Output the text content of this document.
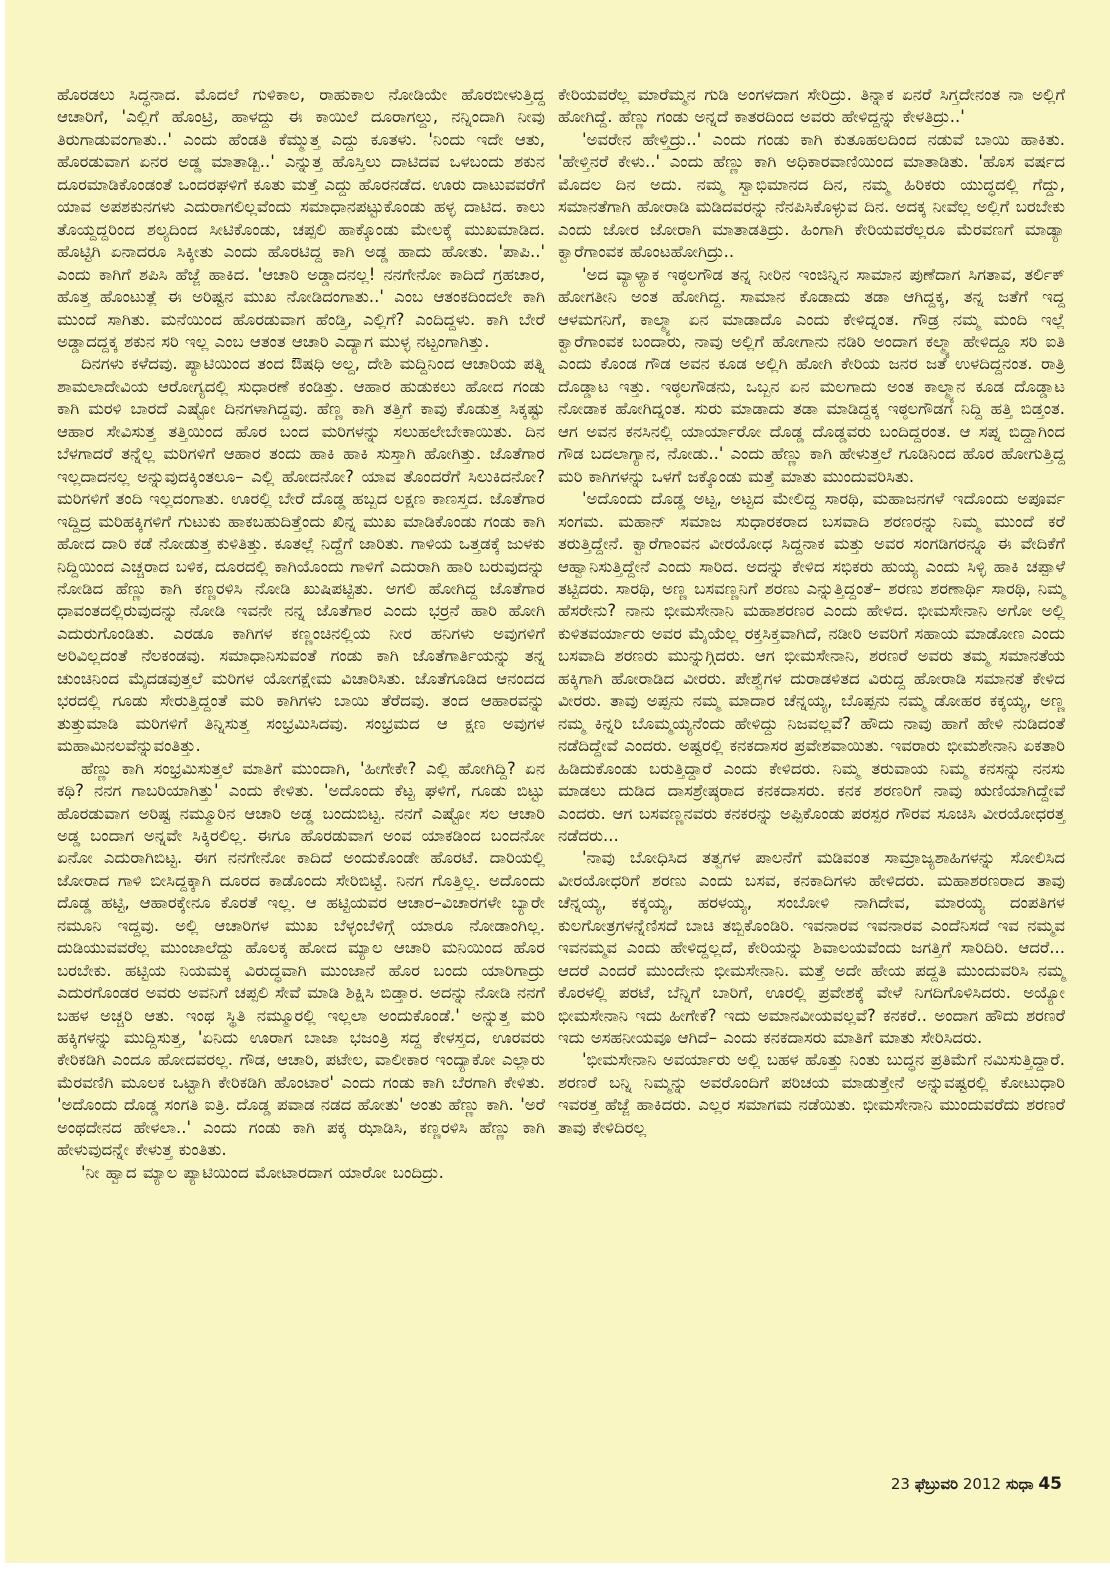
ಹೊರಡಲು ಸಿದ್ಧನಾದ. ಮೊದಲೆ ಗುಳಿಕಾಲ, ರಾಹುಕಾಲ ನೋಡಿಯೇ ಹೊರಬೀಳುತ್ತಿದ್ದ ಆಚಾರಿಗೆ, 'ಎಲ್ಲಿಗೆ ಹೊಂಟ್ರಿ, ಹಾಳದ್ದು ಈ ಕಾಯಿಲೆ ದೂರಾಗಲ್ದು, ನನ್ನಿಂದಾಗಿ ನೀವು ತಿರುಗಾಡುವಂಗಾತು..' ಎಂದು ಹೆಂಡತಿ ಕೆಮ್ಮುತ್ತ ಎದ್ದು ಕೂತಳು. 'ನಿಂದು ಇದೇ ಆತು, ಹೊರಡುವಾಗ ಏನರ ಅಡ್ಡ ಮಾತಾಡ್ಬಿ..' ಎನ್ನುತ್ತ ಹೊಸ್ತಿಲು ದಾಟಿದವ ಒಳಬಂದು ಶಕುನ ದೂರಮಾಡಿಕೊಂಡಂತೆ ಒಂದರಘಳಿಗೆ ಕೂತು ಮತ್ತೆ ಎದ್ದು ಹೊರನಡೆದ. ಊರು ದಾಟುವವರೆಗೆ ಯಾವ ಅಪಶಕುನಗಳು ಎದುರಾಗಲಿಲ್ಲವೆಂದು ಸಮಾಧಾನಪಟ್ಟುಕೊಂಡು ಹಳ್ಳ ದಾಟಿದ. ಕಾಲು ತೊಯ್ದದ್ದರಿಂದ ಶಲ್ಯದಿಂದ ಸೀಟಿಕೊಂಡು, ಚಪ್ಪಲಿ ಹಾಕ್ಕೊಂಡು ಮೇಲಕ್ಕೆ ಮುಖಮಾಡಿದ. ಹೊಟ್ಟಿಗಿ ಏನಾದರೂ ಸಿಕ್ಕೀತು ಎಂದು ಹೊರಟಿದ್ದ ಕಾಗಿ ಅಡ್ಡ ಹಾದು ಹೋತು. 'ಪಾಪಿ..' ಎಂದು ಕಾಗಿಗೆ ಶಪಿಸಿ ಹೆಜ್ಜೆ ಹಾಕಿದ. 'ಆಚಾರಿ ಅಡ್ಡಾದನಲ್ಲ! ನನಗೇನೋ ಕಾದಿದೆ ಗ್ರಹಚಾರ, ಹೊತ್ತ ಹೊಂಟುತ್ಲೆ ಈ ಅರಿಷ್ಟನ ಮುಖ ನೋಡಿದಂಗಾತು..' ಎಂಬ ಆತಂಕದಿಂದಲೇ ಕಾಗಿ ಮುಂದೆ ಸಾಗಿತು. ಮನೆಯಿಂದ ಹೊರಡುವಾಗ ಹೆಂಡ್ತಿ, ಎಲ್ಲಿಗೆ? ಎಂದಿದ್ದಳು. ಕಾಗಿ ಬೇರೆ ಅಡ್ಡಾದದ್ದಕ್ಕ ಶಕುನ ಸರಿ ಇಲ್ಲ ಎಂಬ ಆತಂತ ಆಚಾರಿ ಎದ್ಯಾಗ ಮುಳ್ಳ ನಟ್ಟಂಗಾಗಿತ್ತು.

ದಿನಗಳು ಕಳೆದವು. ಪ್ಯಾಟಿಯಿಂದ ತಂದ ಔಷಧಿ ಅಲ್ದ, ದೇಶಿ ಮದ್ದಿನಿಂದ ಆಚಾರಿಯ ಪತ್ನಿ ಶಾಮಲಾದೇವಿಯ ಆರೋಗ್ಯದಲ್ಲಿ ಸುಧಾರಣೆ ಕಂಡಿತ್ತು. ಆಹಾರ ಹುಡುಕಲು ಹೋದ ಗಂಡು ಕಾಗಿ ಮರಳಿ ಬಾರದೆ ಎಷ್ಟೋ ದಿನಗಳಾಗಿದ್ದವು. ಹೆಣ್ಣ ಕಾಗಿ ತತ್ತಿಗೆ ಕಾವು ಕೊಡುತ್ತ ಸಿಕ್ಕಷ್ಟು ಆಹಾರ ಸೇವಿಸುತ್ತ ತತ್ತಿಯಿಂದ ಹೊರ ಬಂದ ಮರಿಗಳನ್ನು ಸಲುಹಲೇಬೇಕಾಯಿತು. ದಿನ ಬೆಳಗಾದರೆ ತನ್ನೆಲ್ಲ ಮರಿಗಳಿಗೆ ಆಹಾರ ತಂದು ಹಾಕಿ ಹಾಕಿ ಸುಸ್ತಾಗಿ ಹೋಗಿತ್ತು. ಜೊತೆಗಾರ ಇಲ್ಲದಾದನಲ್ಲ ಅನ್ನುವುದಕ್ಕಿಂತಲೂ– ಎಲ್ಲಿ ಹೋದನೋ? ಯಾವ ತೊಂದರೆಗೆ ಸಿಲುಕಿದನೋ? ಮರಿಗಳಿಗೆ ತಂದಿ ಇಲ್ಲದಂಗಾತು. ಊರಲ್ಲಿ ಬೇರೆ ದೊಡ್ಡ ಹಬ್ಬದ ಲಕ್ಷಣ ಕಾಣಸ್ತದ. ಜೊತೆಗಾರ ಇದ್ದಿದ್ರ ಮರಿಹಕ್ಕಿಗಳಿಗೆ ಗುಟುಕು ಹಾಕಬಹುದಿತ್ತೆಂದು ಖಿನ್ನ ಮುಖ ಮಾಡಿಕೊಂಡು ಗಂಡು ಕಾಗಿ ಹೋದ ದಾರಿ ಕಡೆ ನೋಡುತ್ತ ಕುಳಿತಿತ್ತು. ಕೂತಲ್ಲೆ ನಿದ್ದೆಗೆ ಜಾರಿತು. ಗಾಳಿಯ ಒತ್ತಡಕ್ಕೆ ಜುಳಕು ನಿದ್ದಿಯಿಂದ ಎಚ್ಚರಾದ ಬಳಿಕ, ದೂರದಲ್ಲಿ ಕಾಗಿಯೊಂದು ಗಾಳಿಗೆ ಎದುರಾಗಿ ಹಾರಿ ಬರುವುದನ್ನು ನೋಡಿದ ಹೆಣ್ಣು ಕಾಗಿ ಕಣ್ಣರಳಿಸಿ ನೋಡಿ ಖುಷಿಪಟ್ಟಿತು. ಅಗಲಿ ಹೋಗಿದ್ದ ಜೊತೆಗಾರ ಧಾವಂತದಲ್ಲಿರುವುದನ್ನು ನೋಡಿ ಇವನೇ ನನ್ನ ಜೊತೆಗಾರ ಎಂದು ಭರ್ರನೆ ಹಾರಿ ಹೋಗಿ ಎದುರುಗೊಂಡಿತು. ಎರಡೂ ಕಾಗಿಗಳ ಕಣ್ಣಂಚಿನಲ್ಲಿಯ ನೀರ ಹನಿಗಳು ಅವುಗಳಿಗೆ ಅರಿವಿಲ್ಲದಂತೆ ನೆಲಕಂಡವು. ಸಮಾಧಾನಿಸುವಂತೆ ಗಂಡು ಕಾಗಿ ಜೊತೆಗಾರ್ತಿಯನ್ನು ತನ್ನ ಚುಂಚಿನಿಂದ ಮೈದಡವುತ್ತಲೆ ಮರಿಗಳ ಯೋಗಕ್ಷೇಮ ವಿಚಾರಿಸಿತು. ಜೊತೆಗೂಡಿದ ಆನಂದದ ಭರದಲ್ಲಿ ಗೂಡು ಸೇರುತ್ತಿದ್ದಂತೆ ಮರಿ ಕಾಗಿಗಳು ಬಾಯಿ ತೆರೆದವು. ತಂದ ಆಹಾರವನ್ನು ತುತ್ತುಮಾಡಿ ಮರಿಗಳಿಗೆ ತಿನ್ನಿಸುತ್ತ ಸಂಭ್ರಮಿಸಿದವು. ಸಂಭ್ರಮದ ಆ ಕ್ಷಣ ಅವುಗಳ ಮಹಾಮಿನಲವೆನ್ನುವಂತಿತ್ತು.

ಹೆಣ್ಣು ಕಾಗಿ ಸಂಭ್ರಮಿಸುತ್ತಲೆ ಮಾತಿಗೆ ಮುಂದಾಗಿ, 'ಹೀಗೇಕೇ? ಎಲ್ಲಿ ಹೋಗಿದ್ದಿ? ಏನ ಕಥಿ? ನನಗ ಗಾಬರಿಯಾಗಿತ್ತು' ಎಂದು ಕೇಳಿತು. 'ಅದೊಂದು ಕೆಟ್ಟ ಘಳಿಗೆ, ಗೂಡು ಬಿಟ್ಟು ಹೊರಡುವಾಗ ಅರಿಷ್ಟ ನಮ್ಮೂರಿನ ಆಚಾರಿ ಅಡ್ಡ ಬಂದುಬಿಟ್ಟ. ನನಗೆ ಎಷ್ಟೋ ಸಲ ಆಚಾರಿ ಅಡ್ಡ ಬಂದಾಗ ಅನ್ನವೇ ಸಿಕ್ಕಿರಲಿಲ್ಲ. ಈಗೂ ಹೊರಡುವಾಗ ಅಂವ ಯಾಕಡಿಂದ ಬಂದನೋ ಏನೋ ಎದುರಾಗಿಬಿಟ್ಟ. ಈಗ ನನಗೇನೋ ಕಾದಿದೆ ಅಂದುಕೊಂಡೇ ಹೊರಟೆ. ದಾರಿಯಲ್ಲಿ ಜೋರಾದ ಗಾಳಿ ಬೀಸಿದ್ದಕ್ಕಾಗಿ ದೂರದ ಕಾಡೊಂದು ಸೇರಿಬಿಟ್ಟೆ. ನಿನಗ ಗೊತ್ತಿಲ್ಲ. ಅದೊಂದು ದೊಡ್ಡ ಹಟ್ಟಿ, ಆಹಾರಕ್ಕೇನೂ ಕೊರತೆ ಇಲ್ಲ. ಆ ಹಟ್ಟಿಯವರ ಆಚಾರ–ವಿಚಾರಗಳೇ ಬ್ಯಾರೇ ನಮೂನಿ ಇದ್ದವು. ಅಲ್ಲಿ ಆಚಾರಿಗಳ ಮುಖ ಬೆಳ್ಳಂಬೆಳಿಗ್ಗೆ ಯಾರೂ ನೋಡಾಂಗಿಲ್ಲ. ದುಡಿಯುವವರೆಲ್ಲ ಮುಂಜಾಲೆದ್ದು ಹೊಲಕ್ಕ ಹೋದ ಮ್ಯಾಲ ಆಚಾರಿ ಮನಿಯಿಂದ ಹೊರ ಬರಬೇಕು. ಹಟ್ಟಿಯ ನಿಯಮಕ್ಕ ವಿರುದ್ಧವಾಗಿ ಮುಂಜಾನೆ ಹೊರ ಬಂದು ಯಾರಿಗಾದ್ರು ಎದುರಗೊಂಡರ ಅವರು ಅವನಿಗೆ ಚಪ್ಪಲಿ ಸೇವೆ ಮಾಡಿ ಶಿಕ್ಷಿಸಿ ಬಿಡ್ತಾರ. ಅದನ್ನು ನೋಡಿ ನನಗೆ ಬಹಳ ಅಚ್ಚರಿ ಆತು. ಇಂಥ ಸ್ಥಿತಿ ನಮ್ಮೂರಲ್ಲಿ ಇಲ್ಲಲಾ ಅಂದುಕೊಂಡೆ.' ಅನ್ನುತ್ತ ಮರಿ ಹಕ್ಕಿಗಳನ್ನು ಮುದ್ದಿಸುತ್ತ, 'ಏನಿದು ಊರಾಗ ಬಾಜಾ ಭಜಂತ್ರಿ ಸದ್ದ ಕೇಳಸ್ತದ, ಊರವರು ಕೇರಿಕಡಿಗಿ ಎಂದೂ ಹೋದವರಲ್ಲ. ಗೌಡ, ಆಚಾರಿ, ಪಟೇಲ, ವಾಲೀಕಾರ ಇಂದ್ಯಾಕೋ ಎಲ್ಲಾರು ಮೆರವಣಿಗಿ ಮೂಲಕ ಒಟ್ಟಾಗಿ ಕೇರಿಕಡಿಗಿ ಹೊಂಟಾರ' ಎಂದು ಗಂಡು ಕಾಗಿ ಬೆರಗಾಗಿ ಕೇಳಿತು. 'ಅದೊಂದು ದೊಡ್ಡ ಸಂಗತಿ ಐತ್ರಿ. ದೊಡ್ಡ ಪವಾಡ ನಡದ ಹೋತು' ಅಂತು ಹೆಣ್ಣು ಕಾಗಿ. 'ಅರೆ ಅಂಥದೇನದ ಹೇಳಲಾ..' ಎಂದು ಗಂಡು ಕಾಗಿ ಪಕ್ಕ ಝಾಡಿಸಿ, ಕಣ್ಣರಳಿಸಿ ಹೆಣ್ಣು ಕಾಗಿ ಹೇಳುವುದನ್ನೇ ಕೇಳುತ್ತ ಕುಂತಿತು.

'ನೀ ಹ್ವಾದ ಮ್ಯಾಲ ಪ್ಯಾಟಿಯಿಂದ ಮೋಟಾರದಾಗ ಯಾರೋ ಬಂದಿದ್ರು.

ಕೇರಿಯವರೆಲ್ಲ ಮಾರೆಮ್ಮನ ಗುಡಿ ಅಂಗಳದಾಗ ಸೇರಿದ್ರು. ತಿನ್ನಾಕ ಏನರೆ ಸಿಗ್ತದೇನಂತ ನಾ ಅಲ್ಲಿಗೆ ಹೋಗಿದ್ದೆ. ಹೆಣ್ಣು ಗಂಡು ಅನ್ನದೆ ಕಾತರದಿಂದ ಅವರು ಹೇಳಿದ್ದನ್ನು ಕೇಳತಿದ್ರು..'

'ಅವರೇನ ಹೇಳ್ತಿದ್ರು..' ಎಂದು ಗಂಡು ಕಾಗಿ ಕುತೂಹಲದಿಂದ ನಡುವೆ ಬಾಯಿ ಹಾಕಿತು. 'ಹೇಳ್ತಿನರೆ ಕೇಳು..' ಎಂದು ಹೆಣ್ಣು ಕಾಗಿ ಅಧಿಕಾರವಾಣಿಯಿಂದ ಮಾತಾಡಿತು. 'ಹೊಸ ವರ್ಷದ ಮೊದಲ ದಿನ ಅದು. ನಮ್ಮ ಸ್ವಾಭಿಮಾನದ ದಿನ, ನಮ್ಮ ಹಿರಿಕರು ಯುದ್ಧದಲ್ಲಿ ಗೆದ್ದು, ಸಮಾನತೆಗಾಗಿ ಹೋರಾಡಿ ಮಡಿದವರನ್ನು ನೆನಪಿಸಿಕೊಳ್ಳುವ ದಿನ. ಅದಕ್ಕ ನೀವೆಲ್ಲ ಅಲ್ಲಿಗೆ ಬರಬೇಕು ಎಂದು ಜೋರ ಜೋರಾಗಿ ಮಾತಾಡತಿದ್ರು. ಹಿಂಗಾಗಿ ಕೇರಿಯವರೆಲ್ಲರೂ ಮೆರವಣಗೆ ಮಾಡ್ಯಾ ಕ್ವಾರೆಗಾಂವಕ ಹೊಂಟಹೋಗಿದ್ರು..

'ಅದ ವ್ಯಾಳ್ಯಾಕ ಇಠ್ಠಲಗೌಡ ತನ್ನ ನೀರಿನ ಇಂಜಿನ್ನಿನ ಸಾಮಾನ ಪುಣೆದಾಗ ಸಿಗತಾವ, ತರ್ಲಿಕ್ ಹೋಗತೀನಿ ಅಂತ ಹೋಗಿದ್ದ. ಸಾಮಾನ ಕೊಡಾದು ತಡಾ ಆಗಿದ್ದಕ್ಕ, ತನ್ನ ಜತೆಗೆ ಇದ್ದ ಆಳಮಗನಿಗೆ, ಕಾಲ್ಮ್ಯಾ ಏನ ಮಾಡಾದೊ ಎಂದು ಕೇಳಿದ್ನಂತ. ಗೌಡ್ರ ನಮ್ಮ ಮಂದಿ ಇಲ್ಲೆ ಕ್ವಾರೆಗಾಂವಕ ಬಂದಾರು, ನಾವು ಅಲ್ಲಿಗೆ ಹೋಗಾನು ನಡಿರಿ ಅಂದಾಗ ಕಲ್ಮ್ಯಾ ಹೇಳಿದ್ದೂ ಸರಿ ಐತಿ ಎಂದು ಕೊಂಡ ಗೌಡ ಅವನ ಕೂಡ ಅಲ್ಲಿಗಿ ಹೋಗಿ ಕೇರಿಯ ಜನರ ಜತೆ ಉಳದಿದ್ದನಂತ. ರಾತ್ರಿ ದೊಡ್ಡಾಟ ಇತ್ತು. ಇಠ್ಠಲಗೌಡನು, ಒಬ್ಬನ ಏನ ಮಲಗಾದು ಅಂತ ಕಾಲ್ಮ್ಯಾನ ಕೂಡ ದೊಡ್ಡಾಟ ನೋಡಾಕ ಹೋಗಿದ್ನಂತ. ಸುರು ಮಾಡಾದು ತಡಾ ಮಾಡಿದ್ದಕ್ಕ ಇಠ್ಠಲಗೌಡಗ ನಿದ್ದಿ ಹತ್ತಿ ಬಿಡ್ತಂತ. ಆಗ ಅವನ ಕನಸಿನಲ್ಲಿ ಯಾರ್ಯಾರೋ ದೊಡ್ಡ ದೊಡ್ಡವರು ಬಂದಿದ್ದರಂತ. ಆ ಸಪ್ನ ಬಿದ್ದಾಗಿಂದ ಗೌಡ ಬದಲಾಗ್ಯಾನ, ನೋಡು..' ಎಂದು ಹೆಣ್ಣು ಕಾಗಿ ಹೇಳುತ್ತಲೆ ಗೂಡಿನಿಂದ ಹೊರ ಹೋಗುತ್ತಿದ್ದ ಮರಿ ಕಾಗಿಗಳನ್ನು ಒಳಗೆ ಜಕ್ಕೊಂಡು ಮತ್ತೆ ಮಾತು ಮುಂದುವರಿಸಿತು.

'ಅದೊಂದು ದೊಡ್ಡ ಅಟ್ಟ, ಅಟ್ಟದ ಮೇಲಿದ್ದ ಸಾರಥಿ, ಮಹಾಜನಗಳೆ ಇದೊಂದು ಅಪೂರ್ವ ಸಂಗಮ. ಮಹಾನ್ ಸಮಾಜ ಸುಧಾರಕರಾದ ಬಸವಾದಿ ಶರಣರನ್ನು ನಿಮ್ಮ ಮುಂದೆ ಕರೆ ತರುತ್ತಿದ್ದೇನೆ. ಕ್ವಾರೆಗಾಂವನ ವೀರಯೋಧ ಸಿದ್ದನಾಕ ಮತ್ತು ಅವರ ಸಂಗಡಿಗರನ್ನೂ ಈ ವೇದಿಕೆಗೆ ಆಹ್ವಾನಿಸುತ್ತಿದ್ದೇನೆ ಎಂದು ಸಾರಿದ. ಅದನ್ನು ಕೇಳಿದ ಸಭಿಕರು ಹುಯ್ಯ ಎಂದು ಸಿಳ್ಳಿ ಹಾಕಿ ಚಪ್ಪಾಳೆ ತಟ್ಟಿದರು. ಸಾರಥಿ, ಅಣ್ಣ ಬಸವಣ್ಣನಿಗೆ ಶರಣು ಎನ್ನುತ್ತಿದ್ದಂತೆ– ಶರಣು ಶರಣಾರ್ಥಿ ಸಾರಥಿ, ನಿಮ್ಮ ಹೆಸರೇನು? ನಾನು ಭೀಮಸೇನಾನಿ ಮಹಾಶರಣರ ಎಂದು ಹೇಳಿದ. ಭೀಮಸೇನಾನಿ ಅಗೋ ಅಲ್ಲಿ ಕುಳಿತವರ್ಯಾರು ಅವರ ಮೈಯೆಲ್ಲ ರಕ್ತಸಿಕ್ತವಾಗಿದೆ, ನಡೀರಿ ಅವರಿಗೆ ಸಹಾಯ ಮಾಡೋಣ ಎಂದು ಬಸವಾದಿ ಶರಣರು ಮುನ್ನುಗ್ಗಿದರು. ಆಗ ಭೀಮಸೇನಾನಿ, ಶರಣರೆ ಅವರು ತಮ್ಮ ಸಮಾನತೆಯ ಹಕ್ಕಿಗಾಗಿ ಹೋರಾಡಿದ ವೀರರು. ಪೇಶ್ವೆಗಳ ದುರಾಡಳಿತದ ವಿರುದ್ದ ಹೋರಾಡಿ ಸಮಾನತೆ ಕೇಳಿದ ವೀರರು. ತಾವು ಅಪ್ಪನು ನಮ್ಮ ಮಾದಾರ ಚೆನ್ನಯ್ಯ, ಬೊಪ್ಪನು ನಮ್ಮ ಡೋಹರ ಕಕ್ಕಯ್ಯ, ಅಣ್ಣ ನಮ್ಮ ಕಿನ್ನರಿ ಬೊಮ್ಮಯ್ಯನೆಂದು ಹೇಳಿದ್ದು ನಿಜವಲ್ಲವೆ? ಹೌದು ನಾವು ಹಾಗೆ ಹೇಳಿ ನುಡಿದಂತೆ ನಡೆದಿದ್ದೇವೆ ಎಂದರು. ಅಷ್ಟರಲ್ಲಿ ಕನಕದಾಸರ ಪ್ರವೇಶವಾಯಿತು. ಇವರಾರು ಭೀಮಶೇನಾನಿ ಏಕತಾರಿ ಹಿಡಿದುಕೊಂಡು ಬರುತ್ತಿದ್ದಾರೆ ಎಂದು ಕೇಳಿದರು. ನಿಮ್ಮ ತರುವಾಯ ನಿಮ್ಮ ಕನಸನ್ನು ನನಸು ಮಾಡಲು ದುಡಿದ ದಾಸಶ್ರೇಷ್ಠರಾದ ಕನಕದಾಸರು. ಕನಕ ಶರಣರಿಗೆ ನಾವು ಋಣಿಯಾಗಿದ್ದೇವೆ ಎಂದರು. ಆಗ ಬಸವಣ್ಣನವರು ಕನಕರನ್ನು ಅಪ್ಪಿಕೊಂಡು ಪರಸ್ಪರ ಗೌರವ ಸೂಚಿಸಿ ವೀರಯೋಧರತ್ತ ನಡೆದರು...

'ನಾವು ಬೋಧಿಸಿದ ತತ್ವಗಳ ಪಾಲನೆಗೆ ಮಡಿವಂತ ಸಾಮ್ರಾಜ್ಯಶಾಹಿಗಳನ್ನು ಸೋಲಿಸಿದ ವೀರಯೋಧರಿಗೆ ಶರಣು ಎಂದು ಬಸವ, ಕನಕಾದಿಗಳು ಹೇಳಿದರು. ಮಹಾಶರಣರಾದ ತಾವು ಚೆನ್ನಯ್ಯ, ಕಕ್ಕಯ್ಯ, ಹರಳಯ್ಯ, ಸಂಬೋಳಿ ನಾಗಿದೇವ, ಮಾರಯ್ಯ ದಂಪತಿಗಳ ಕುಲಗೋತ್ರಗಳನ್ನೆಣಿಸದೆ ಬಾಚಿ ತಬ್ಬಿಕೊಂಡಿರಿ. ಇವನಾರವ ಇವನಾರವ ಎಂದೆನಿಸದೆ ಇವ ನಮ್ಮವ ಇವನಮ್ಮವ ಎಂದು ಹೇಳಿದ್ದಲ್ಲದೆ, ಕೇರಿಯನ್ನು ಶಿವಾಲಯವೆಂದು ಜಗತ್ತಿಗೆ ಸಾರಿದಿರಿ. ಆದರೆ... ಆದರೆ ಎಂದರೆ ಮುಂದೇನು ಭೀಮಸೇನಾನಿ. ಮತ್ತೆ ಅದೇ ಹೇಯ ಪದ್ದತಿ ಮುಂದುವರಿಸಿ ನಮ್ಮ ಕೊರಳಲ್ಲಿ ಪರಟೆ, ಬೆನ್ನಿಗೆ ಬಾರಿಗೆ, ಊರಲ್ಲಿ ಪ್ರವೇಶಕ್ಕೆ ವೇಳೆ ನಿಗದಿಗೊಳಿಸಿದರು. ಅಯ್ಯೋ ಭೀಮಸೇನಾನಿ ಇದು ಹೀಗೇಕೆ? ಇದು ಅಮಾನವೀಯವಲ್ಲವೆ? ಕನಕರೆ.. ಅಂದಾಗ ಹೌದು ಶರಣರೆ ಇದು ಅಸಹನೀಯವೂ ಆಗಿದೆ– ಎಂದು ಕನಕದಾಸರು ಮಾತಿಗೆ ಮಾತು ಸೇರಿಸಿದರು.

'ಭೀಮಸೇನಾನಿ ಅವರ್ಯಾರು ಅಲ್ಲಿ ಬಹಳ ಹೊತ್ತು ನಿಂತು ಬುದ್ಧನ ಪ್ರತಿಮೆಗೆ ನಮಿಸುತ್ತಿದ್ದಾರೆ. ಶರಣರೆ ಬನ್ನಿ ನಿಮ್ಮನ್ನು ಅವರೊಂದಿಗೆ ಪರಿಚಯ ಮಾಡುತ್ತೇನೆ ಅನ್ನುವಷ್ಟರಲ್ಲಿ ಕೋಟುಧಾರಿ ಇವರತ್ತ ಹೆಜ್ಜೆ ಹಾಕಿದರು. ಎಲ್ಲರ ಸಮಾಗಮ ನಡೆಯಿತು. ಭೀಮಸೇನಾನಿ ಮುಂದುವರೆದು ಶರಣರೆ ತಾವು ಕೇಳಿದಿರಲ್ಲ

23 ಫೆಬ್ರುವರಿ 2012 ಸುಧಾ 45
